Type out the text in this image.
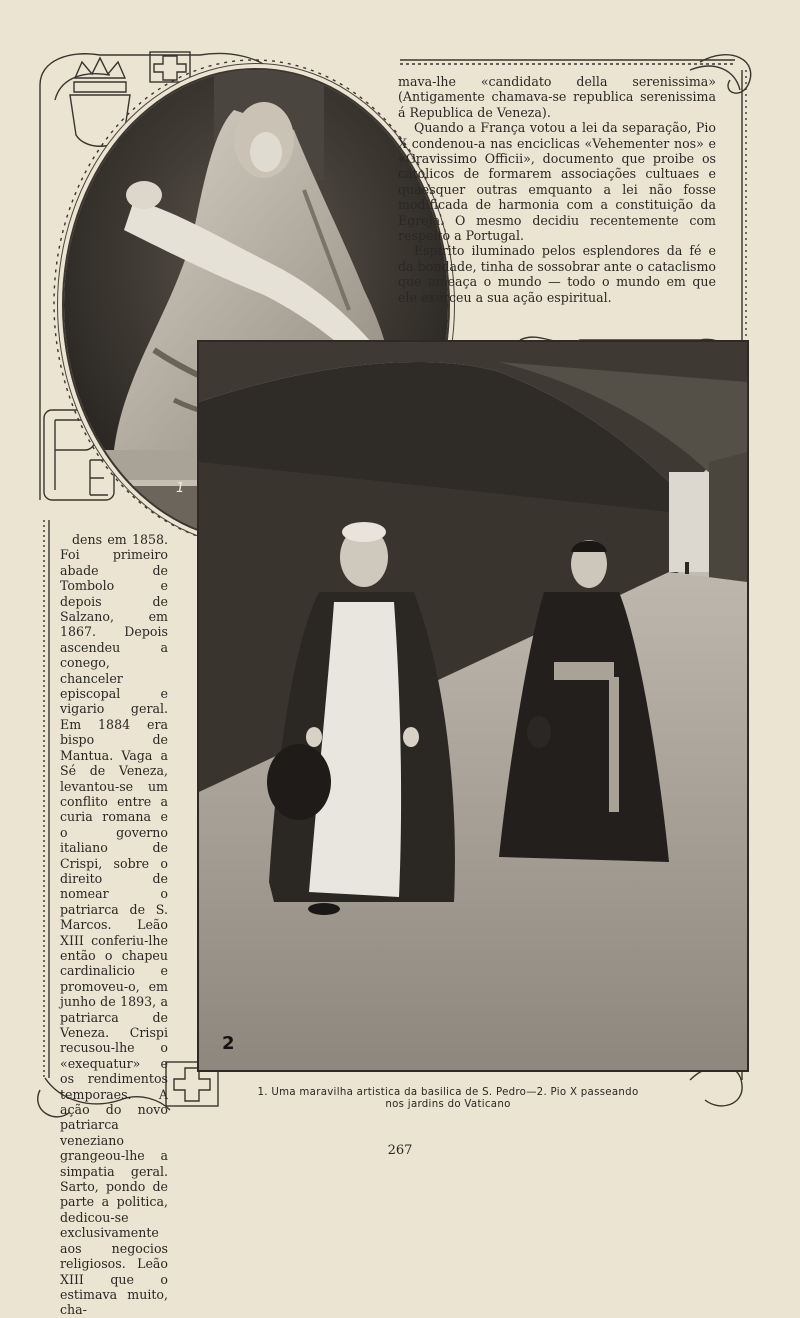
1
2

mava-lhe «candidato della serenissima» (Antigamente chamava-se republica serenissima á Republica de Veneza).

Quando a França votou a lei da separação, Pio X condenou-a nas enciclicas «Vehementer nos» e «Gravissimo Officii», documento que proibe os catolicos de formarem associações cultuaes e quaesquer outras emquanto a lei não fosse modificada de harmonia com a constituição da Egreja. O mesmo decidiu recentemente com respeito a Portugal.

Espirito iluminado pelos esplendores da fé e da bondade, tinha de sossobrar ante o cataclismo que ameaça o mundo — todo o mundo em que ele exerceu a sua ação espiritual.

dens em 1858. Foi primeiro abade de Tombolo e depois de Salzano, em 1867. Depois ascendeu a conego, chanceler episcopal e vigario geral. Em 1884 era bispo de Mantua. Vaga a Sé de Veneza, levantou-se um conflito entre a curia romana e o governo italiano de Crispi, sobre o direito de nomear o patriarca de S. Marcos. Leão XIII conferiu-lhe então o chapeu cardinalicio e promoveu-o, em junho de 1893, a patriarca de Veneza. Crispi recusou-lhe o «exequatur» e os rendimentos temporaes. A ação do novo patriarca veneziano grangeou-lhe a simpatia geral. Sarto, pondo de parte a politica, dedicou-se exclusivamente aos negocios religiosos. Leão XIII que o estimava muito, cha-

1. Uma maravilha artistica da basilica de S. Pedro—2. Pio X passeando
nos jardins do Vaticano
267
